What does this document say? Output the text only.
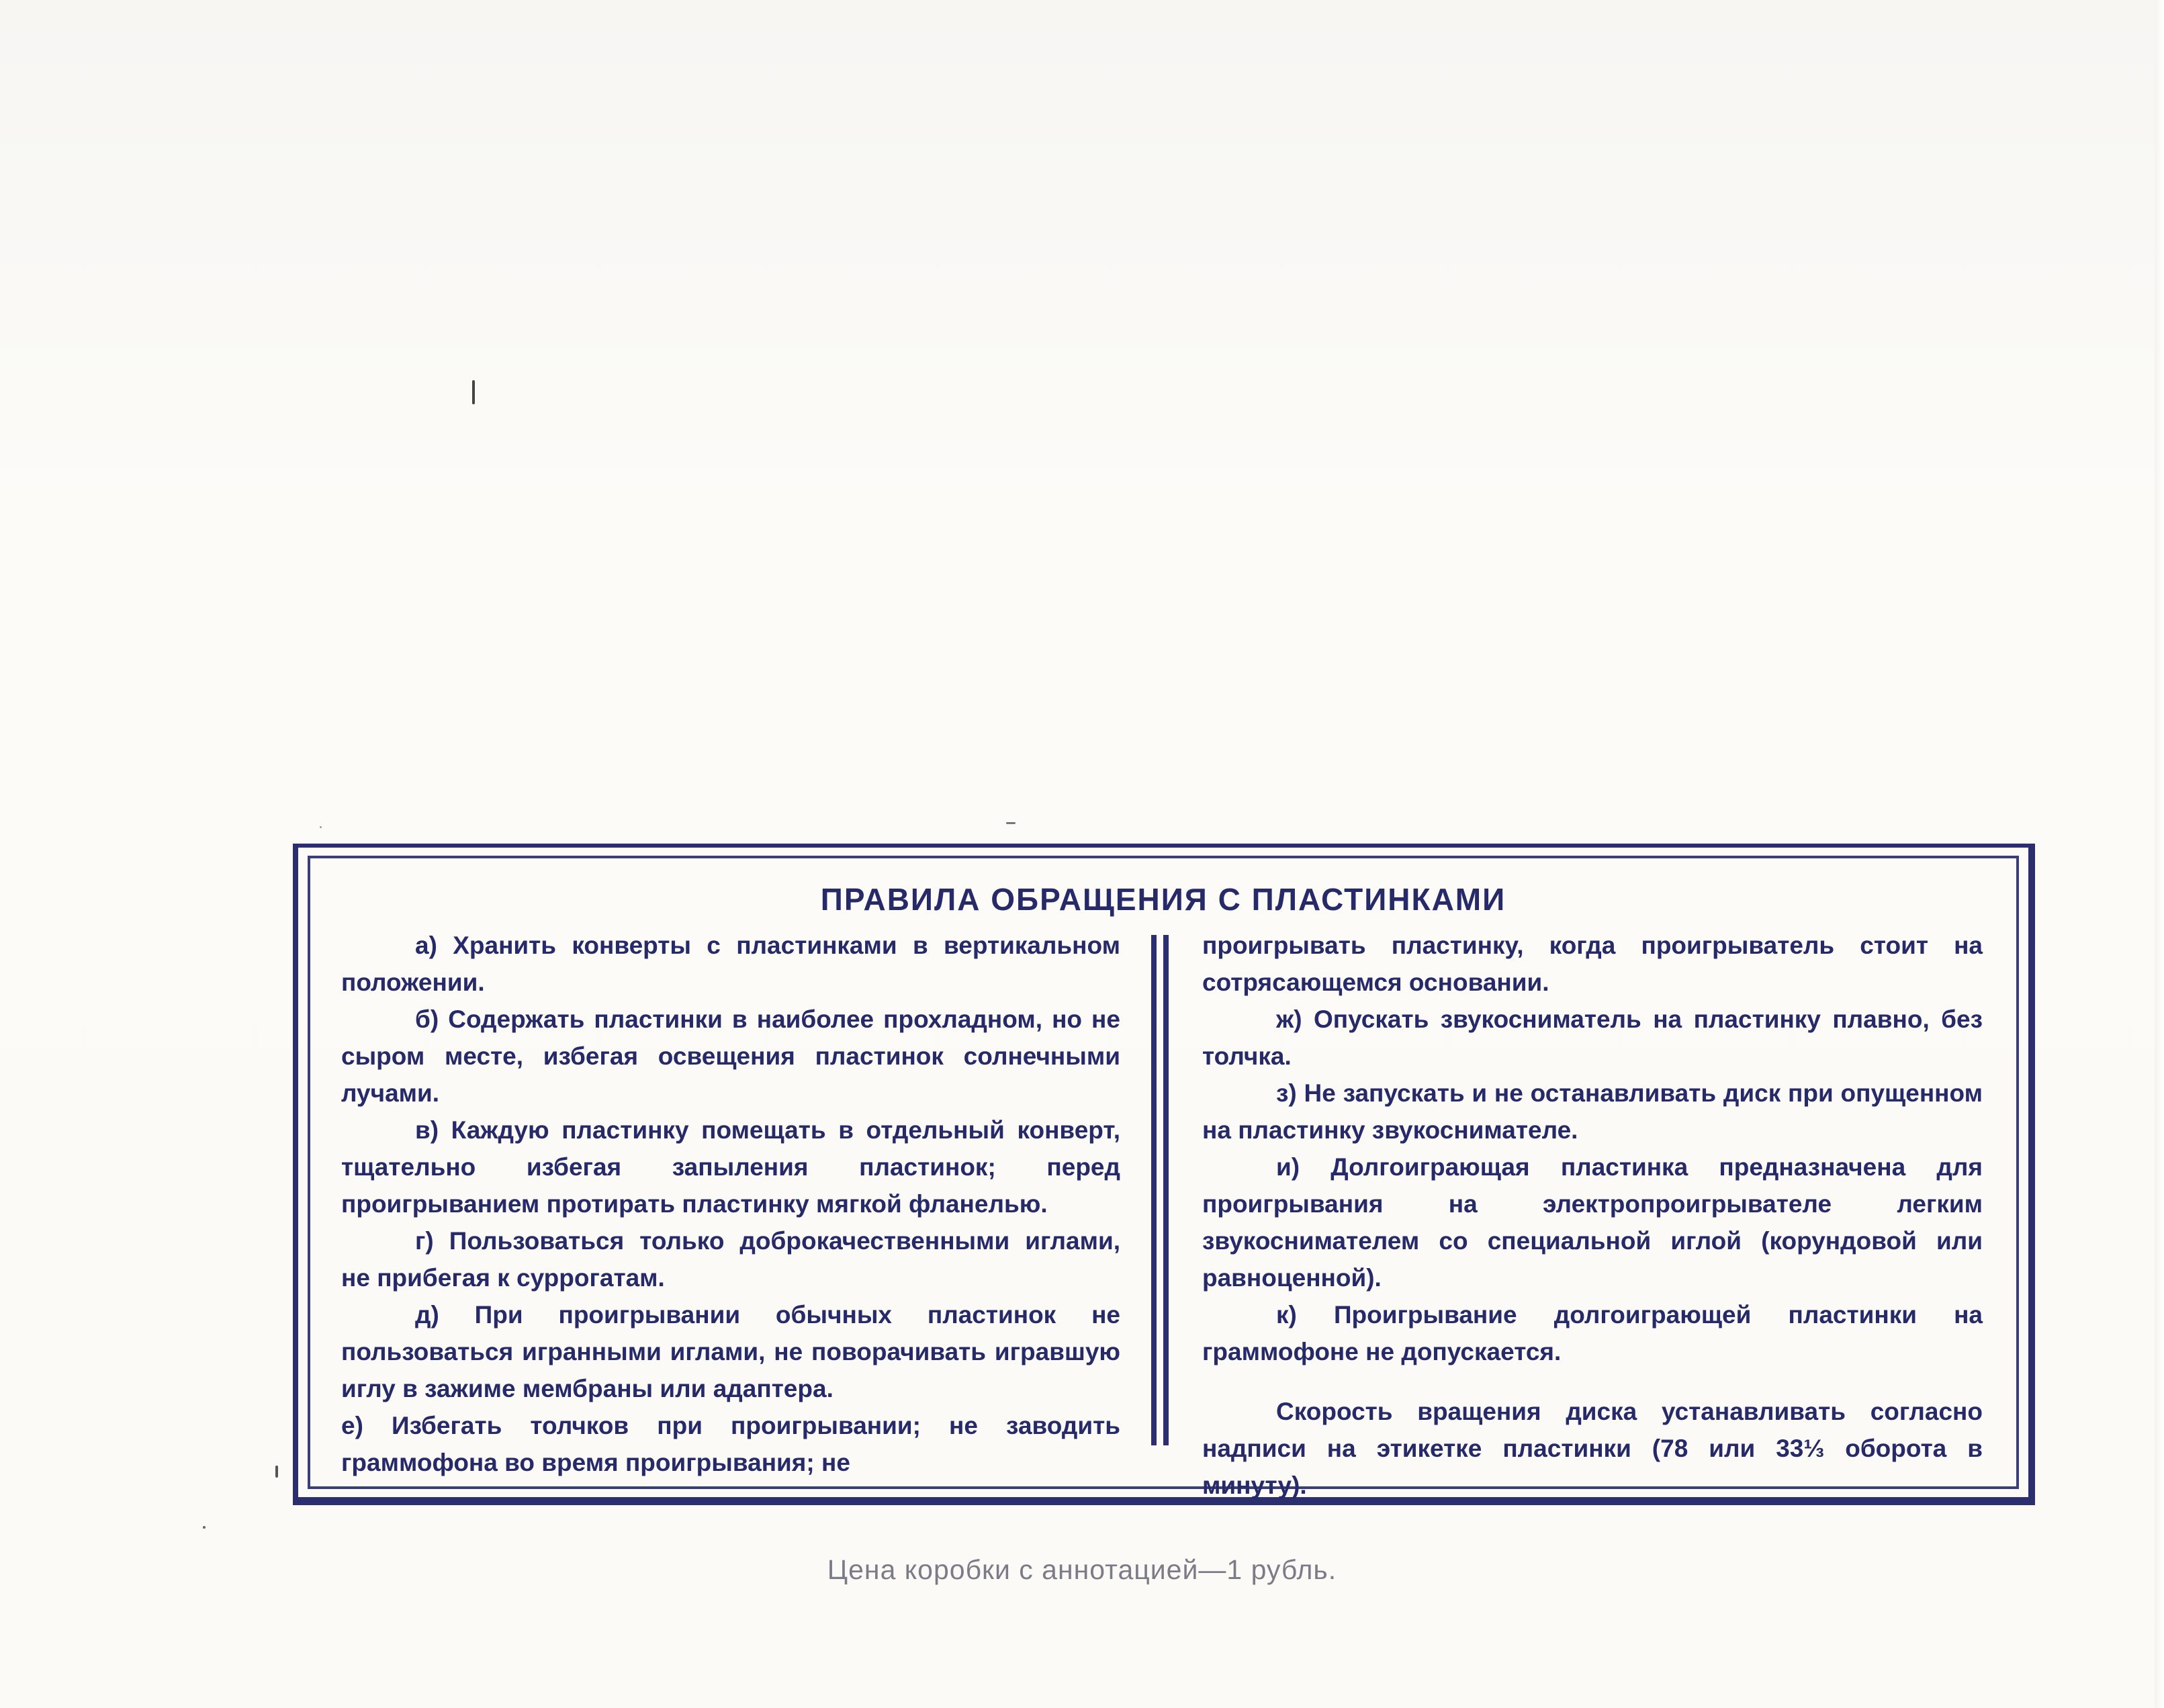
ПРАВИЛА ОБРАЩЕНИЯ С ПЛАСТИНКАМИ

а) Хранить конверты с пластинками в вертикальном положении.

б) Содержать пластинки в наиболее прохладном, но не сыром месте, избегая освещения пластинок солнечными лучами.

в) Каждую пластинку помещать в отдельный конверт, тщательно избегая запыления пластинок; перед проигрыванием протирать пластинку мягкой фланелью.

г) Пользоваться только доброкачественными иглами, не прибегая к суррогатам.

д) При проигрывании обычных пластинок не пользоваться игранными иглами, не поворачивать игравшую иглу в зажиме мембраны или адаптера.

е) Избегать толчков при проигрывании; не заводить граммофона во время проигрывания; не

проигрывать пластинку, когда проигрыватель стоит на сотрясающемся основании.

ж) Опускать звукосниматель на пластинку плавно, без толчка.

з) Не запускать и не останавливать диск при опущенном на пластинку звукоснимателе.

и) Долгоиграющая пластинка предназначена для проигрывания на электропроигрывателе легким звукоснимателем со специальной иглой (корундовой или равноценной).

к) Проигрывание долгоиграющей пластинки на граммофоне не допускается.

Скорость вращения диска устанавливать согласно надписи на этикетке пластинки (78 или 33⅓ оборота в минуту).

Цена коробки с аннотацией—1 рубль.
